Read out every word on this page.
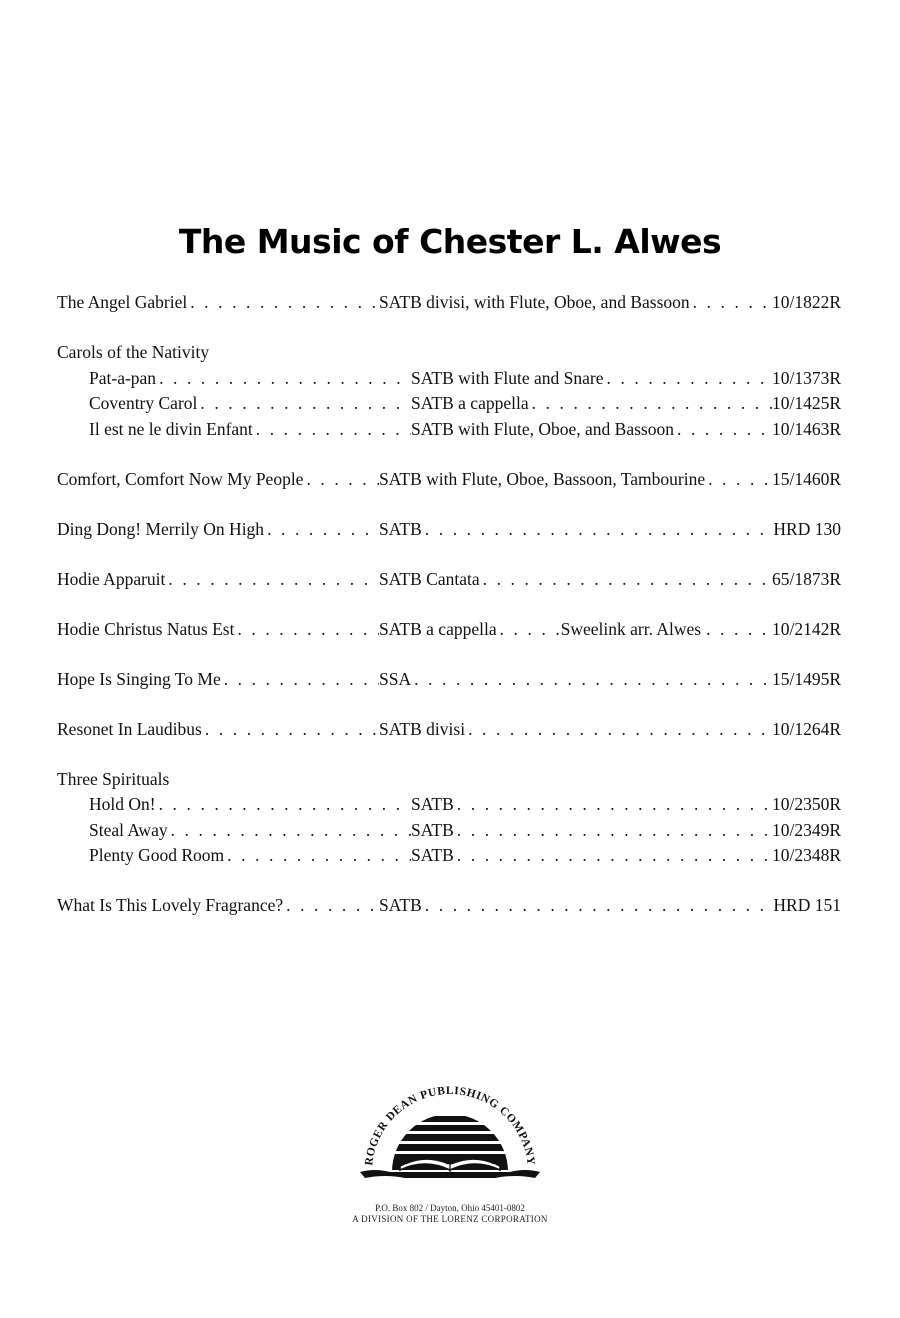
The Music of Chester L. Alwes
The Angel Gabriel . . .	SATB divisi, with Flute, Oboe, and Bassoon . . .	10/1822R
Carols of the Nativity
Pat-a-pan . . .	SATB with Flute and Snare . . .	10/1373R
Coventry Carol . . .	SATB a cappella . . .	10/1425R
Il est ne le divin Enfant . . .	SATB with Flute, Oboe, and Bassoon . . .	10/1463R
Comfort, Comfort Now My People . . .	SATB with Flute, Oboe, Bassoon, Tambourine . . .	15/1460R
Ding Dong! Merrily On High . . .	SATB . . .	HRD 130
Hodie Apparuit . . .	SATB Cantata . . .	65/1873R
Hodie Christus Natus Est . . .	SATB a cappella . . .	Sweelink arr. Alwes . . .	10/2142R
Hope Is Singing To Me . . .	SSA . . .	15/1495R
Resonet In Laudibus . . .	SATB divisi . . .	10/1264R
Three Spirituals
Hold On! . . .	SATB . . .	10/2350R
Steal Away . . .	SATB . . .	10/2349R
Plenty Good Room . . .	SATB . . .	10/2348R
What Is This Lovely Fragrance? . . .	SATB . . .	HRD 151
ROGER DEAN PUBLISHING COMPANY
P.O. Box 802 / Dayton, Ohio 45401-0802
A DIVISION OF THE LORENZ CORPORATION
